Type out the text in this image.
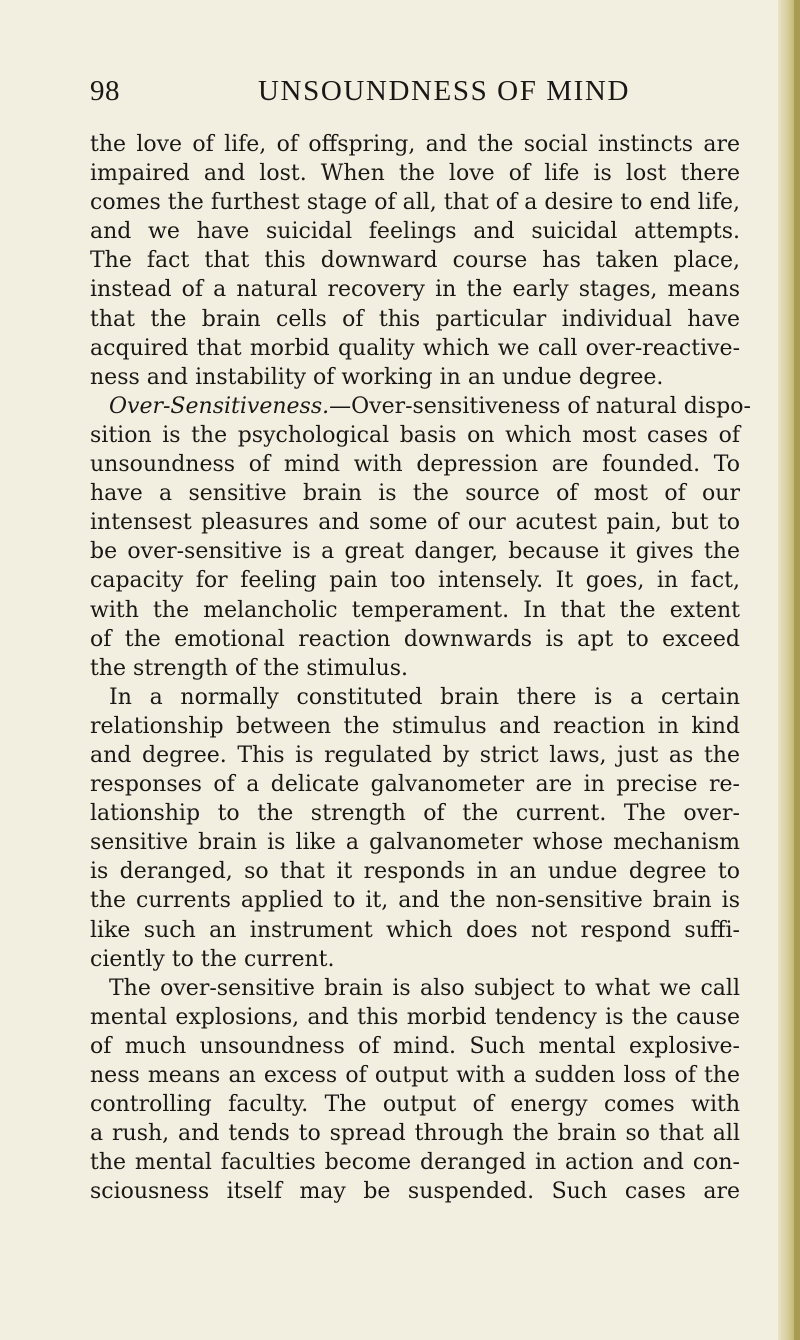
98	UNSOUNDNESS OF MIND
the love of life, of offspring, and the social instincts are
impaired and lost. When the love of life is lost there
comes the furthest stage of all, that of a desire to end life,
and we have suicidal feelings and suicidal attempts.
The fact that this downward course has taken place,
instead of a natural recovery in the early stages, means
that the brain cells of this particular individual have
acquired that morbid quality which we call over-reactive-
ness and instability of working in an undue degree.
Over-Sensitiveness.—Over-sensitiveness of natural dispo-
sition is the psychological basis on which most cases of
unsoundness of mind with depression are founded. To
have a sensitive brain is the source of most of our
intensest pleasures and some of our acutest pain, but to
be over-sensitive is a great danger, because it gives the
capacity for feeling pain too intensely. It goes, in fact,
with the melancholic temperament. In that the extent
of the emotional reaction downwards is apt to exceed
the strength of the stimulus.
In a normally constituted brain there is a certain
relationship between the stimulus and reaction in kind
and degree. This is regulated by strict laws, just as the
responses of a delicate galvanometer are in precise re-
lationship to the strength of the current. The over-
sensitive brain is like a galvanometer whose mechanism
is deranged, so that it responds in an undue degree to
the currents applied to it, and the non-sensitive brain is
like such an instrument which does not respond suffi-
ciently to the current.
The over-sensitive brain is also subject to what we call
mental explosions, and this morbid tendency is the cause
of much unsoundness of mind. Such mental explosive-
ness means an excess of output with a sudden loss of the
controlling faculty. The output of energy comes with
a rush, and tends to spread through the brain so that all
the mental faculties become deranged in action and con-
sciousness itself may be suspended. Such cases are
